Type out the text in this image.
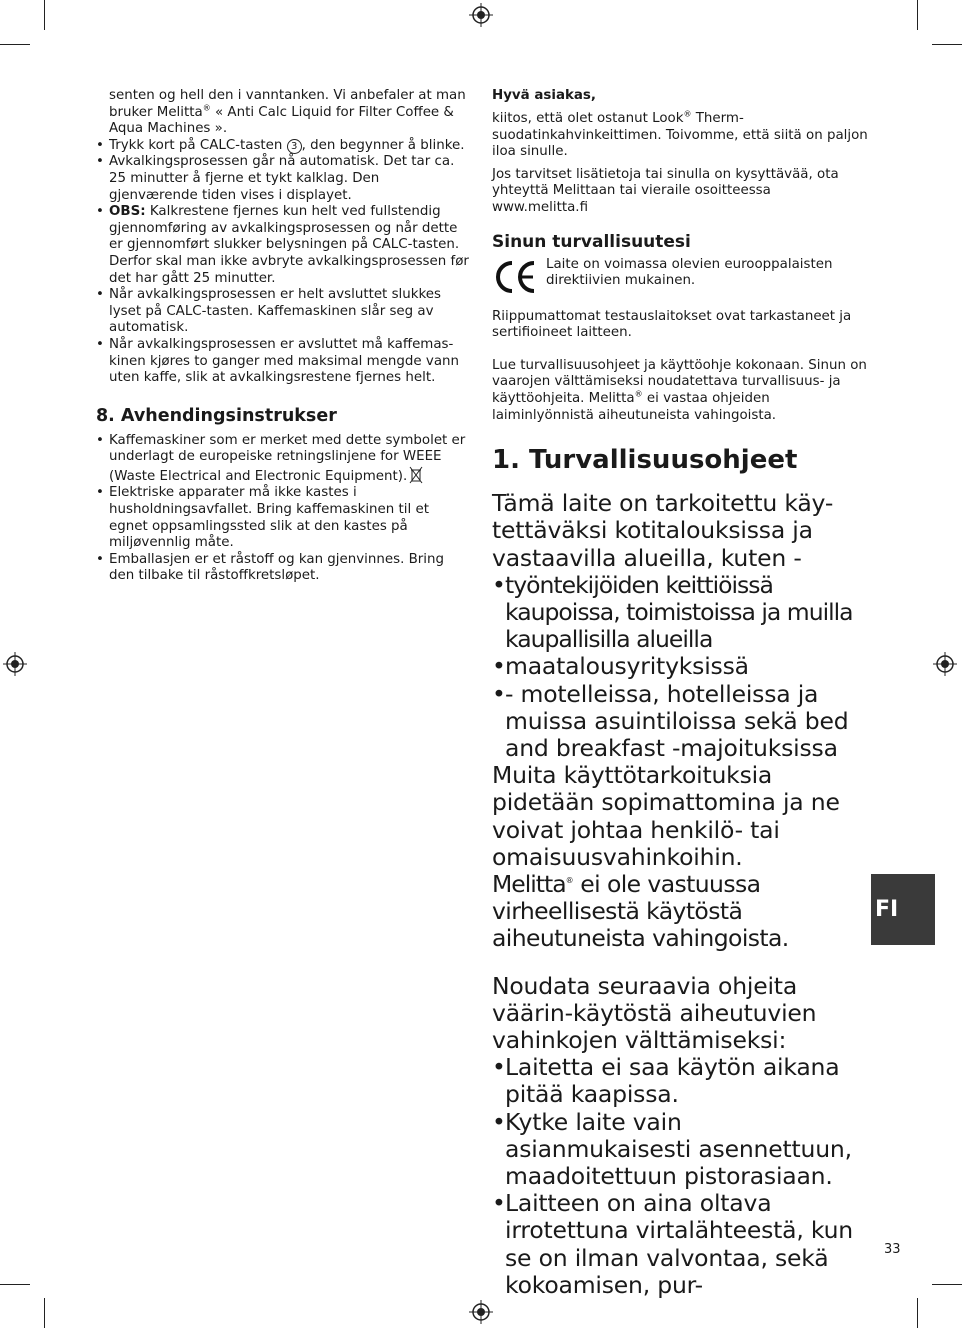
senten og hell den i vanntanken. Vi anbefaler at man
bruker Melitta® « Anti Calc Liquid for Filter Coffee &
Aqua Machines ».
• Trykk kort på CALC-tasten 3 , den begynner å blinke.
• Avkalkingsprosessen går nå automatisk. Det tar ca. 25 minutter å fjerne et tykt kalklag. Den gjenværende tiden vises i displayet.
• OBS: Kalkrestene fjernes kun helt ved fullstendig gjennomføring av avkalkingsprosessen og når dette er gjennomført slukker belysningen på CALC-tasten. Derfor skal man ikke avbryte avkalkingsprosessen før det har gått 25 minutter.
• Når avkalkingsprosessen er helt avsluttet slukkes lyset på CALC-tasten. Kaffemaskinen slår seg av automatisk.
• Når avkalkingsprosessen er avsluttet må kaffemas-kinen kjøres to ganger med maksimal mengde vann uten kaffe, slik at avkalkingsrestene fjernes helt.
8. Avhendingsinstrukser
• Kaffemaskiner som er merket med dette symbolet er underlagt de europeiske retningslinjene for WEEE (Waste Electrical and Electronic Equipment).
• Elektriske apparater må ikke kastes i husholdningsavfallet. Bring kaffemaskinen til et egnet oppsamlingssted slik at den kastes på miljøvennlig måte.
• Emballasjen er et råstoff og kan gjenvinnes. Bring den tilbake til råstoffkretsløpet.

Hyvä asiakas,

kiitos, että olet ostanut Look® Therm-suodatinkahvinkeittimen. Toivomme, että siitä on paljon iloa sinulle.

Jos tarvitset lisätietoja tai sinulla on kysyttävää, ota yhteyttä Melittaan tai vieraile osoitteessa www.melitta.fi

Sinun turvallisuutesi
Laite on voimassa olevien eurooppalaisten direktiivien mukainen.

Riippumattomat testauslaitokset ovat tarkastaneet ja sertifioineet laitteen.

Lue turvallisuusohjeet ja käyttöohje kokonaan. Sinun on vaarojen välttämiseksi noudatettava turvallisuus- ja käyttöohjeita. Melitta® ei vastaa ohjeiden laiminlyönnistä aiheutuneista vahingoista.

1. Turvallisuusohjeet

Tämä laite on tarkoitettu käy-tettäväksi kotitalouksissa ja vastaavilla alueilla, kuten -

• työntekijöiden keittiöissä kaupoissa, toimistoissa ja muilla kaupallisilla alueilla
• maatalousyrityksissä
• - motelleissa, hotelleissa ja muissa asuintiloissa sekä bed and breakfast -majoituksissa

Muita käyttötarkoituksia pidetään sopimattomina ja ne voivat johtaa henkilö- tai omaisuusvahinkoihin.

Melitta® ei ole vastuussa virheellisestä käytöstä aiheutuneista vahingoista.

Noudata seuraavia ohjeita väärin-käytöstä aiheutuvien vahinkojen välttämiseksi:

• Laitetta ei saa käytön aikana pitää kaapissa.
• Kytke laite vain asianmukaisesti asennettuun, maadoitettuun pistorasiaan.
• Laitteen on aina oltava irrotettuna virtalähteestä, kun se on ilman valvontaa, sekä kokoamisen, pur-
FI
33
